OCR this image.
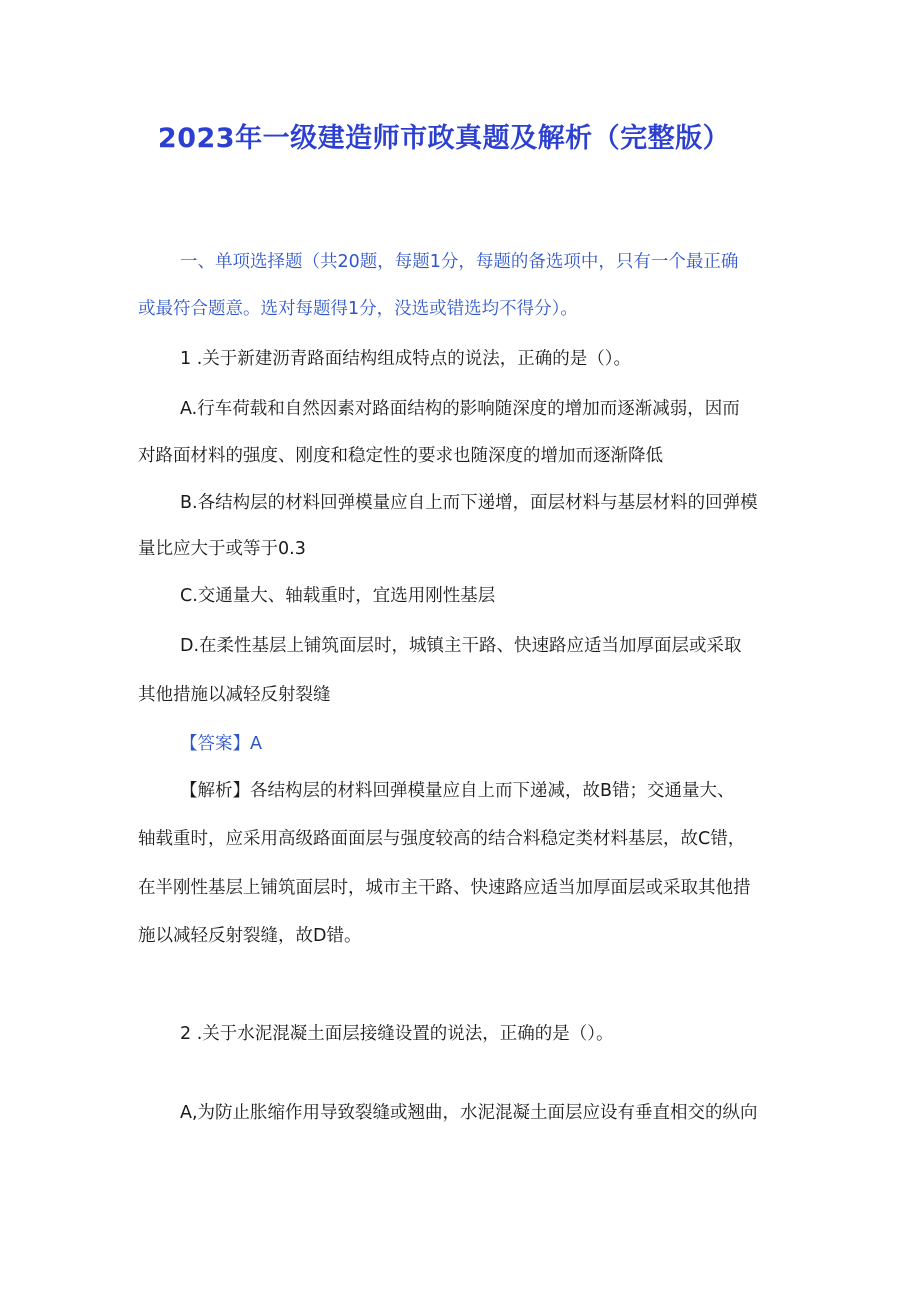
2023年一级建造师市政真题及解析（完整版）
一、单项选择题（共20题，每题1分，每题的备选项中，只有一个最正确
或最符合题意。选对每题得1分，没选或错选均不得分）。
1 .关于新建沥青路面结构组成特点的说法，正确的是（）。
A.行车荷载和自然因素对路面结构的影响随深度的增加而逐渐减弱，因而
对路面材料的强度、刚度和稳定性的要求也随深度的增加而逐渐降低
B.各结构层的材料回弹模量应自上而下递增，面层材料与基层材料的回弹模
量比应大于或等于0.3
C.交通量大、轴载重时，宜选用刚性基层
D.在柔性基层上铺筑面层时，城镇主干路、快速路应适当加厚面层或采取
其他措施以减轻反射裂缝
【答案】A
【解析】各结构层的材料回弹模量应自上而下递减，故B错；交通量大、
轴载重时，应采用高级路面面层与强度较高的结合料稳定类材料基层，故C错，
在半刚性基层上铺筑面层时，城市主干路、快速路应适当加厚面层或采取其他措
施以减轻反射裂缝，故D错。
2 .关于水泥混凝土面层接缝设置的说法，正确的是（）。
A,为防止胀缩作用导致裂缝或翘曲，水泥混凝土面层应设有垂直相交的纵向
